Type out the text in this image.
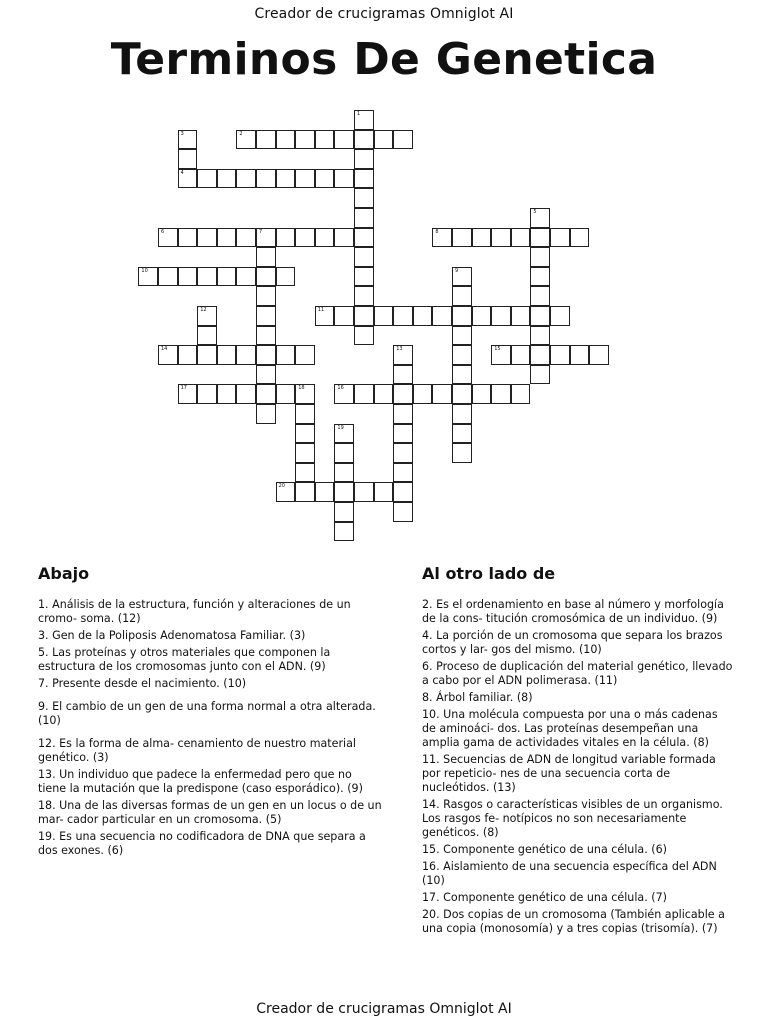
Creador de crucigramas Omniglot AI
Terminos De Genetica
1
2
3
4
5
6	7	8
9
10
11
12
13
14	15
16
17	18
19
20
Abajo
1. Análisis de la estructura, función y alteraciones de un cromo- soma. (12)
3. Gen de la Poliposis Adenomatosa Familiar. (3)
5. Las proteínas y otros materiales que componen la estructura de los cromosomas junto con el ADN. (9)
7. Presente desde el nacimiento. (10)
9. El cambio de un gen de una forma normal a otra alterada. (10)
12. Es la forma de alma- cenamiento de nuestro material genético. (3)
13. Un individuo que padece la enfermedad pero que no tiene la mutación que la predispone (caso esporádico). (9)
18. Una de las diversas formas de un gen en un locus o de un mar- cador particular en un cromosoma. (5)
19. Es una secuencia no codificadora de DNA que separa a dos exones. (6)
Al otro lado de
2. Es el ordenamiento en base al número y morfología de la cons- titución cromosómica de un individuo. (9)
4. La porción de un cromosoma que separa los brazos cortos y lar- gos del mismo. (10)
6. Proceso de duplicación del material genético, llevado a cabo por el ADN polimerasa. (11)
8. Árbol familiar. (8)
10. Una molécula compuesta por una o más cadenas de aminoáci- dos. Las proteínas desempeñan una amplia gama de actividades vitales en la célula. (8)
11. Secuencias de ADN de longitud variable formada por repeticio- nes de una secuencia corta de nucleótidos. (13)
14. Rasgos o características visibles de un organismo. Los rasgos fe- notípicos no son necesariamente genéticos. (8)
15. Componente genético de una célula. (6)
16. Aislamiento de una secuencia específica del ADN (10)
17. Componente genético de una célula. (7)
20. Dos copias de un cromosoma (También aplicable a una copia (monosomía) y a tres copias (trisomía). (7)
Creador de crucigramas Omniglot AI
